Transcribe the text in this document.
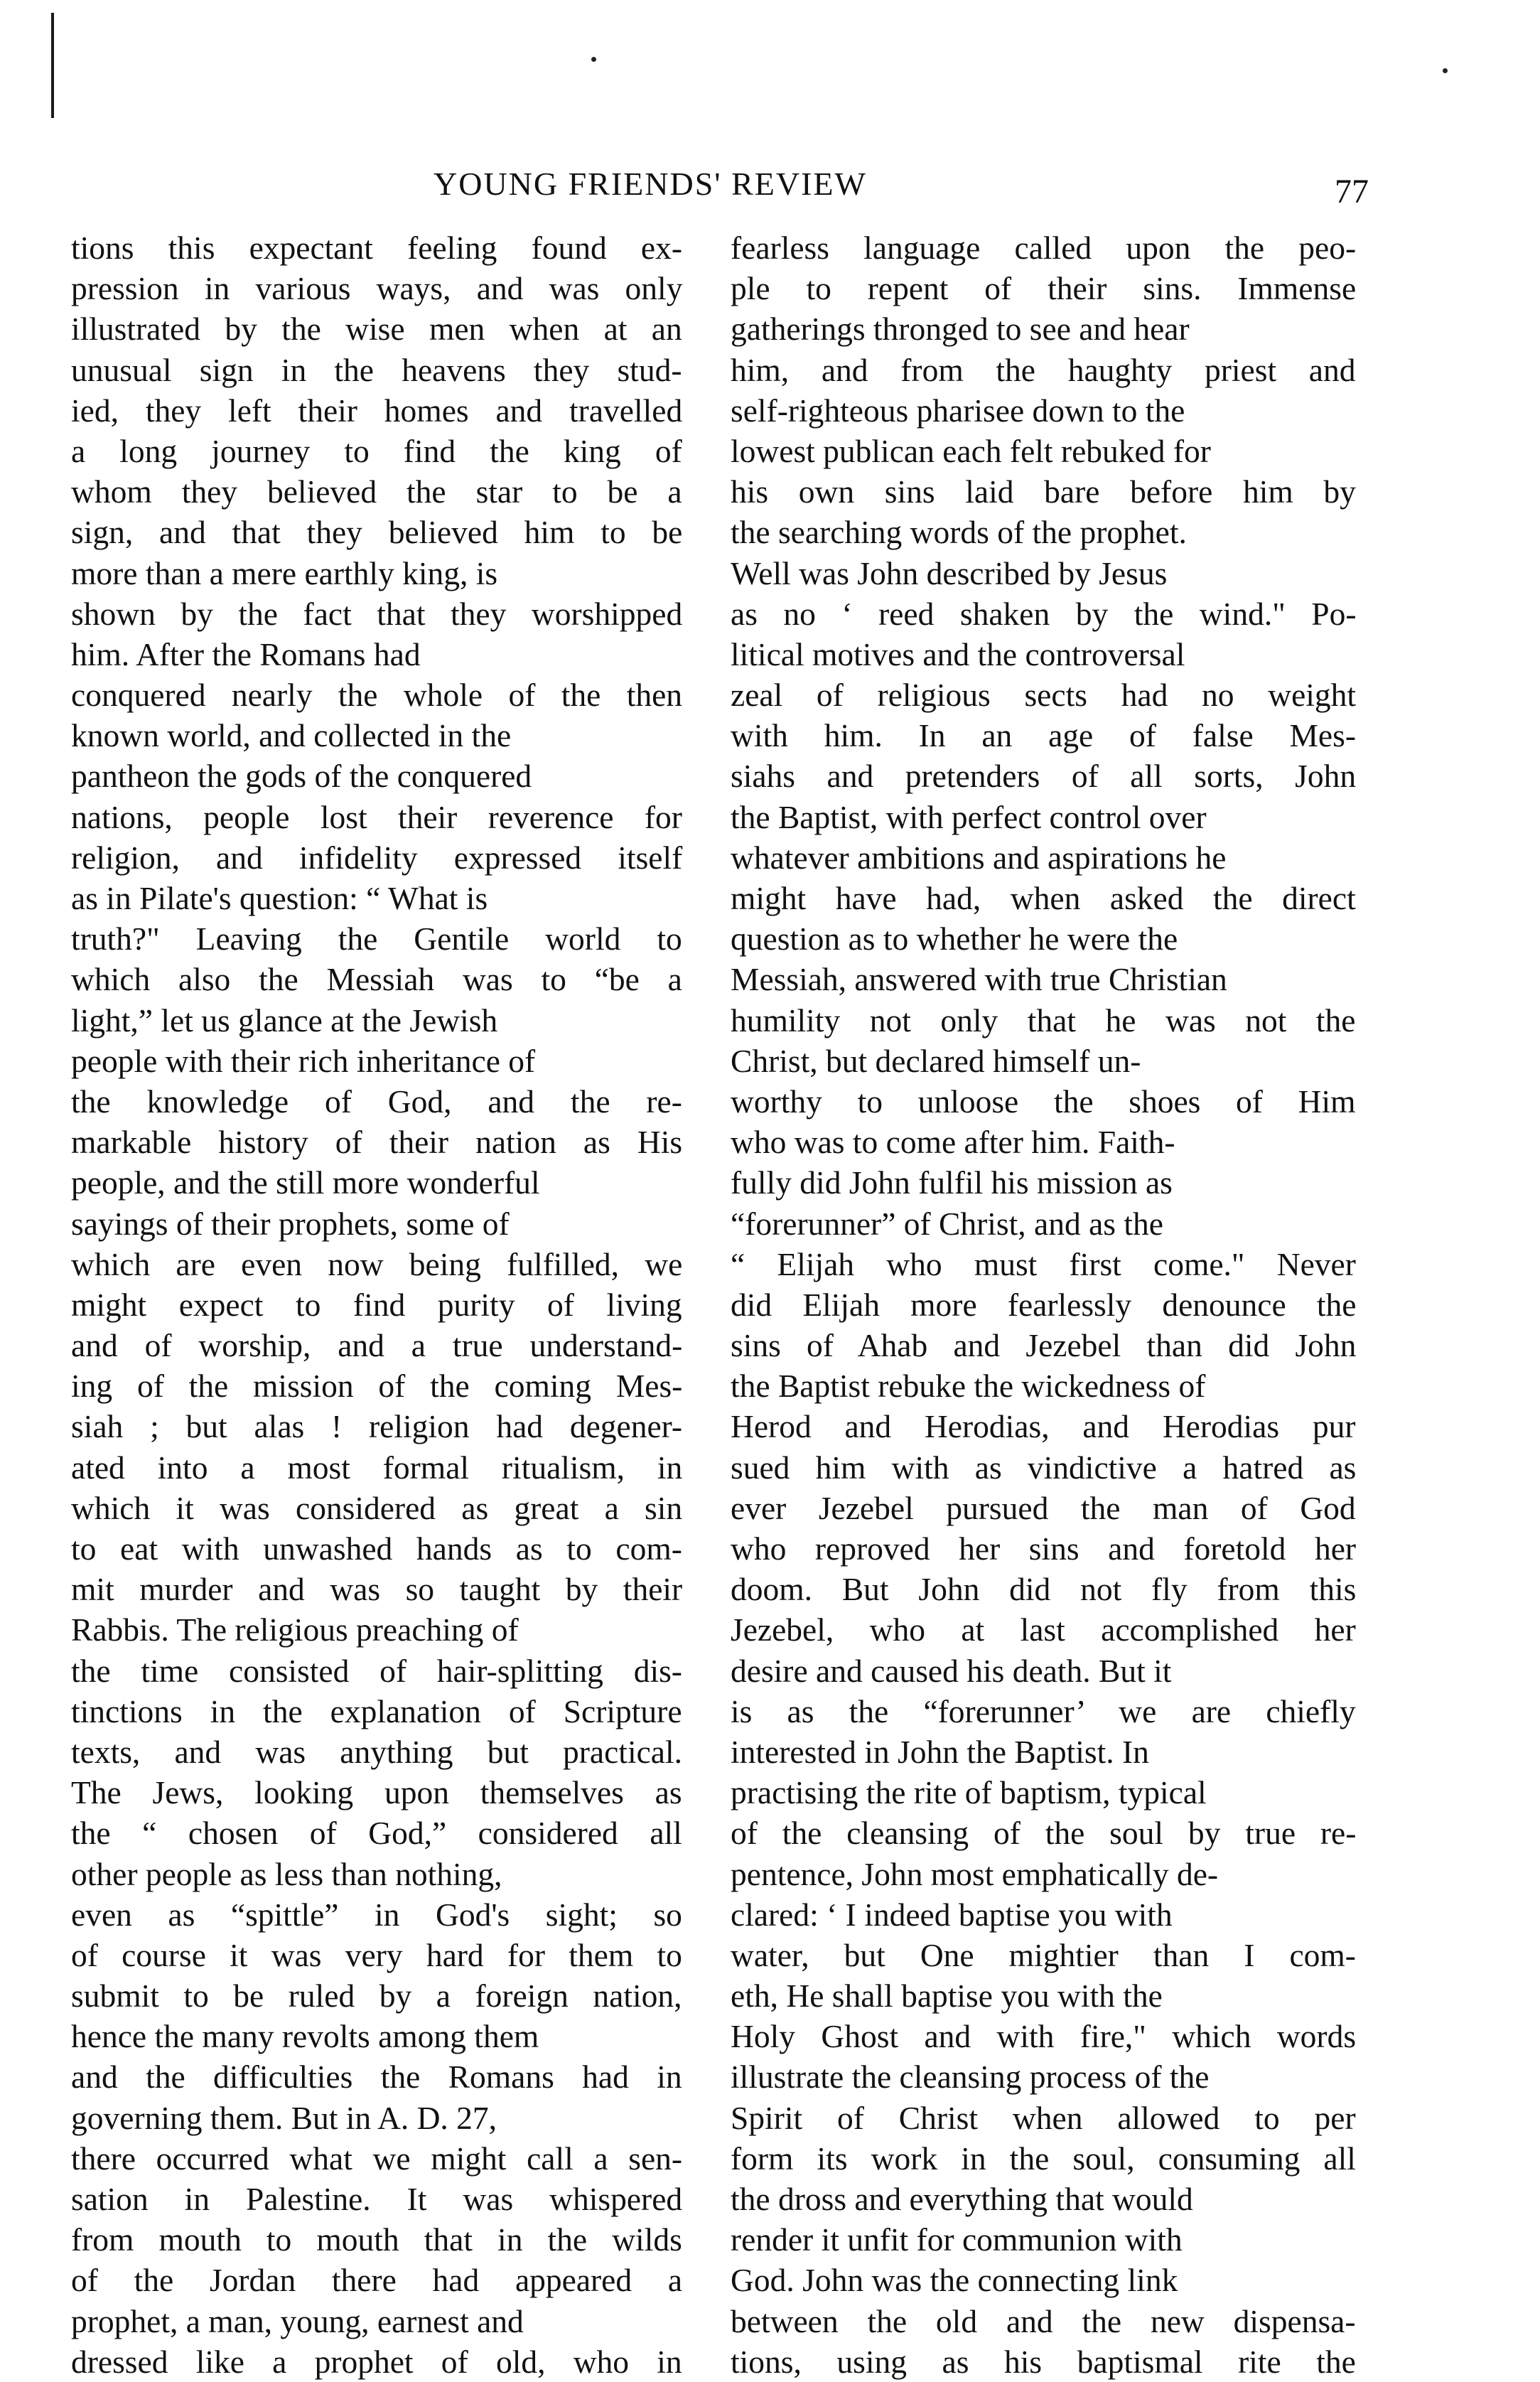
YOUNG FRIENDS' REVIEW	77
tions this expectant feeling found ex-
pression in various ways, and was only
illustrated by the wise men when at an
unusual sign in the heavens they stud-
ied, they left their homes and travelled
a long journey to find the king of
whom they believed the star to be a
sign, and that they believed him to be
more than a mere earthly king, is
shown by the fact that they worshipped
him. After the Romans had
conquered nearly the whole of the then
known world, and collected in the
pantheon the gods of the conquered
nations, people lost their reverence for
religion, and infidelity expressed itself
as in Pilate's question: “ What is
truth?" Leaving the Gentile world to
which also the Messiah was to “be a
light,” let us glance at the Jewish
people with their rich inheritance of
the knowledge of God, and the re-
markable history of their nation as His
people, and the still more wonderful
sayings of their prophets, some of
which are even now being fulfilled, we
might expect to find purity of living
and of worship, and a true understand-
ing of the mission of the coming Mes-
siah ; but alas ! religion had degener-
ated into a most formal ritualism, in
which it was considered as great a sin
to eat with unwashed hands as to com-
mit murder and was so taught by their
Rabbis. The religious preaching of
the time consisted of hair-splitting dis-
tinctions in the explanation of Scripture
texts, and was anything but practical.
The Jews, looking upon themselves as
the “ chosen of God,” considered all
other people as less than nothing,
even as “spittle” in God's sight; so
of course it was very hard for them to
submit to be ruled by a foreign nation,
hence the many revolts among them
and the difficulties the Romans had in
governing them. But in A. D. 27,
there occurred what we might call a sen-
sation in Palestine. It was whispered
from mouth to mouth that in the wilds
of the Jordan there had appeared a
prophet, a man, young, earnest and
dressed like a prophet of old, who in
fearless language called upon the peo-
ple to repent of their sins. Immense
gatherings thronged to see and hear
him, and from the haughty priest and
self-righteous pharisee down to the
lowest publican each felt rebuked for
his own sins laid bare before him by
the searching words of the prophet.
Well was John described by Jesus
as no ‘ reed shaken by the wind." Po-
litical motives and the controversal
zeal of religious sects had no weight
with him. In an age of false Mes-
siahs and pretenders of all sorts, John
the Baptist, with perfect control over
whatever ambitions and aspirations he
might have had, when asked the direct
question as to whether he were the
Messiah, answered with true Christian
humility not only that he was not the
Christ, but declared himself un-
worthy to unloose the shoes of Him
who was to come after him. Faith-
fully did John fulfil his mission as
“forerunner” of Christ, and as the
“ Elijah who must first come." Never
did Elijah more fearlessly denounce the
sins of Ahab and Jezebel than did John
the Baptist rebuke the wickedness of
Herod and Herodias, and Herodias pur
sued him with as vindictive a hatred as
ever Jezebel pursued the man of God
who reproved her sins and foretold her
doom. But John did not fly from this
Jezebel, who at last accomplished her
desire and caused his death. But it
is as the “forerunner’ we are chiefly
interested in John the Baptist. In
practising the rite of baptism, typical
of the cleansing of the soul by true re-
pentence, John most emphatically de-
clared: ‘ I indeed baptise you with
water, but One mightier than I com-
eth, He shall baptise you with the
Holy Ghost and with fire," which words
illustrate the cleansing process of the
Spirit of Christ when allowed to per
form its work in the soul, consuming all
the dross and everything that would
render it unfit for communion with
God. John was the connecting link
between the old and the new dispensa-
tions, using as his baptismal rite the
